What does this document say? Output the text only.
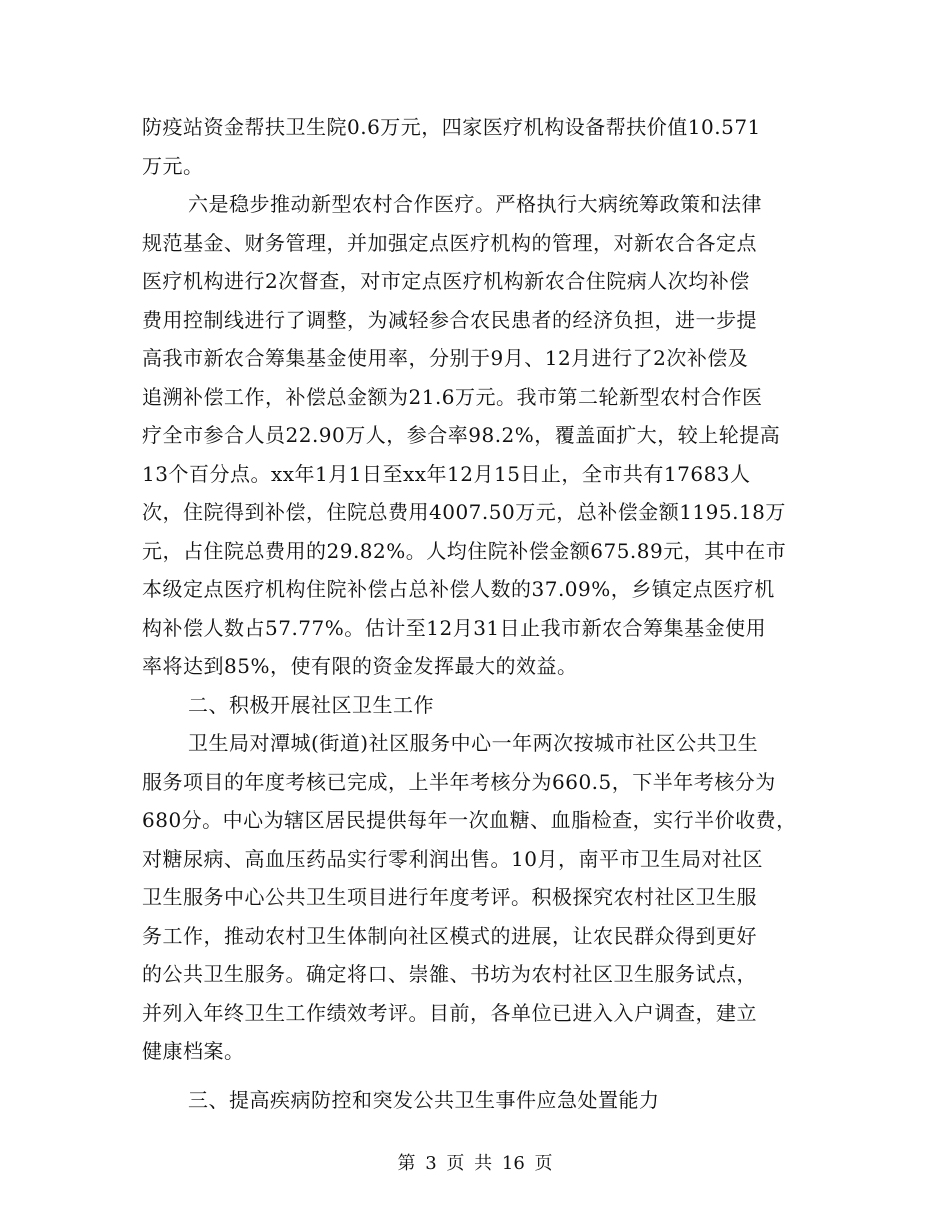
防疫站资金帮扶卫生院0.6万元，四家医疗机构设备帮扶价值10.571
万元。
六是稳步推动新型农村合作医疗。严格执行大病统筹政策和法律
规范基金、财务管理，并加强定点医疗机构的管理，对新农合各定点
医疗机构进行2次督查，对市定点医疗机构新农合住院病人次均补偿
费用控制线进行了调整，为减轻参合农民患者的经济负担，进一步提
高我市新农合筹集基金使用率，分别于9月、12月进行了2次补偿及
追溯补偿工作，补偿总金额为21.6万元。我市第二轮新型农村合作医
疗全市参合人员22.90万人，参合率98.2%，覆盖面扩大，较上轮提高
13个百分点。xx年1月1日至xx年12月15日止，全市共有17683人
次，住院得到补偿，住院总费用4007.50万元，总补偿金额1195.18万
元，占住院总费用的29.82%。人均住院补偿金额675.89元，其中在市
本级定点医疗机构住院补偿占总补偿人数的37.09%，乡镇定点医疗机
构补偿人数占57.77%。估计至12月31日止我市新农合筹集基金使用
率将达到85%，使有限的资金发挥最大的效益。
二、积极开展社区卫生工作
卫生局对潭城(街道)社区服务中心一年两次按城市社区公共卫生
服务项目的年度考核已完成，上半年考核分为660.5，下半年考核分为
680分。中心为辖区居民提供每年一次血糖、血脂检查，实行半价收费，
对糖尿病、高血压药品实行零利润出售。10月，南平市卫生局对社区
卫生服务中心公共卫生项目进行年度考评。积极探究农村社区卫生服
务工作，推动农村卫生体制向社区模式的进展，让农民群众得到更好
的公共卫生服务。确定将口、崇雒、书坊为农村社区卫生服务试点，
并列入年终卫生工作绩效考评。目前，各单位已进入入户调查，建立
健康档案。
三、提高疾病防控和突发公共卫生事件应急处置能力
第 3 页 共 16 页
